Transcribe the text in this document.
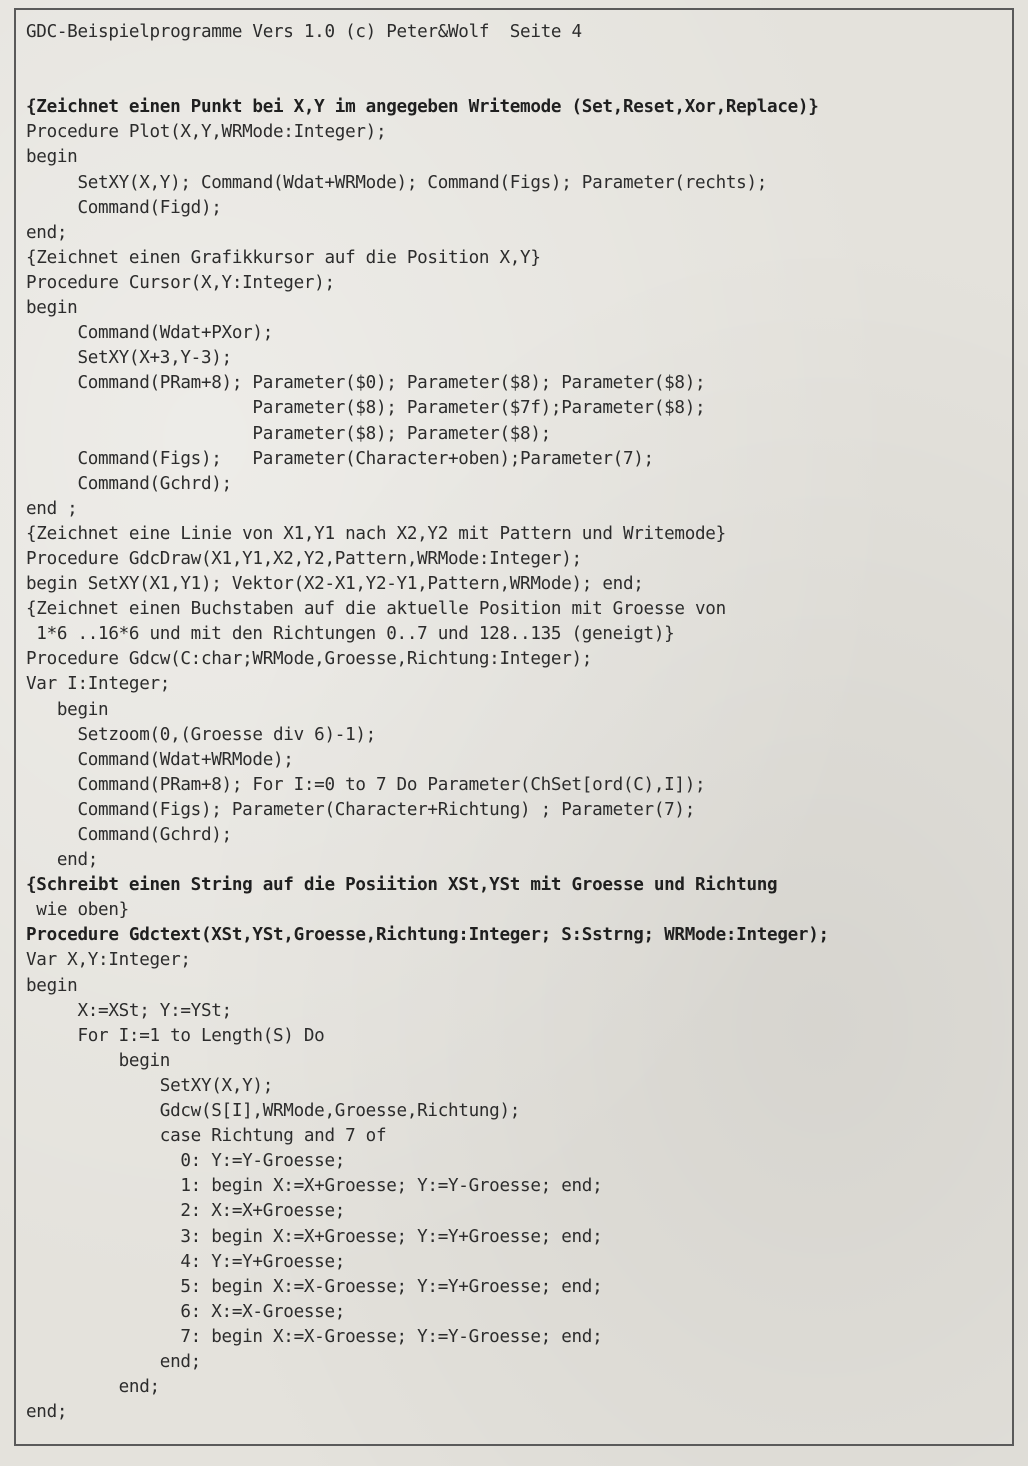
GDC-Beispielprogramme Vers 1.0 (c) Peter&Wolf  Seite 4
{Zeichnet einen Punkt bei X,Y im angegeben Writemode (Set,Reset,Xor,Replace)}
Procedure Plot(X,Y,WRMode:Integer);
begin
SetXY(X,Y); Command(Wdat+WRMode); Command(Figs); Parameter(rechts);
Command(Figd);
end;
{Zeichnet einen Grafikkursor auf die Position X,Y}
Procedure Cursor(X,Y:Integer);
begin
Command(Wdat+PXor);
SetXY(X+3,Y-3);
Command(PRam+8); Parameter($0); Parameter($8); Parameter($8);
Parameter($8); Parameter($7f);Parameter($8);
Parameter($8); Parameter($8);
Command(Figs);   Parameter(Character+oben);Parameter(7);
Command(Gchrd);
end ;
{Zeichnet eine Linie von X1,Y1 nach X2,Y2 mit Pattern und Writemode}
Procedure GdcDraw(X1,Y1,X2,Y2,Pattern,WRMode:Integer);
begin SetXY(X1,Y1); Vektor(X2-X1,Y2-Y1,Pattern,WRMode); end;
{Zeichnet einen Buchstaben auf die aktuelle Position mit Groesse von
1*6 ..16*6 und mit den Richtungen 0..7 und 128..135 (geneigt)}
Procedure Gdcw(C:char;WRMode,Groesse,Richtung:Integer);
Var I:Integer;
begin
Setzoom(0,(Groesse div 6)-1);
Command(Wdat+WRMode);
Command(PRam+8); For I:=0 to 7 Do Parameter(ChSet[ord(C),I]);
Command(Figs); Parameter(Character+Richtung) ; Parameter(7);
Command(Gchrd);
end;
{Schreibt einen String auf die Posiition XSt,YSt mit Groesse und Richtung
wie oben}
Procedure Gdctext(XSt,YSt,Groesse,Richtung:Integer; S:Sstrng; WRMode:Integer);
Var X,Y:Integer;
begin
X:=XSt; Y:=YSt;
For I:=1 to Length(S) Do
begin
SetXY(X,Y);
Gdcw(S[I],WRMode,Groesse,Richtung);
case Richtung and 7 of
0: Y:=Y-Groesse;
1: begin X:=X+Groesse; Y:=Y-Groesse; end;
2: X:=X+Groesse;
3: begin X:=X+Groesse; Y:=Y+Groesse; end;
4: Y:=Y+Groesse;
5: begin X:=X-Groesse; Y:=Y+Groesse; end;
6: X:=X-Groesse;
7: begin X:=X-Groesse; Y:=Y-Groesse; end;
end;
end;
end;
